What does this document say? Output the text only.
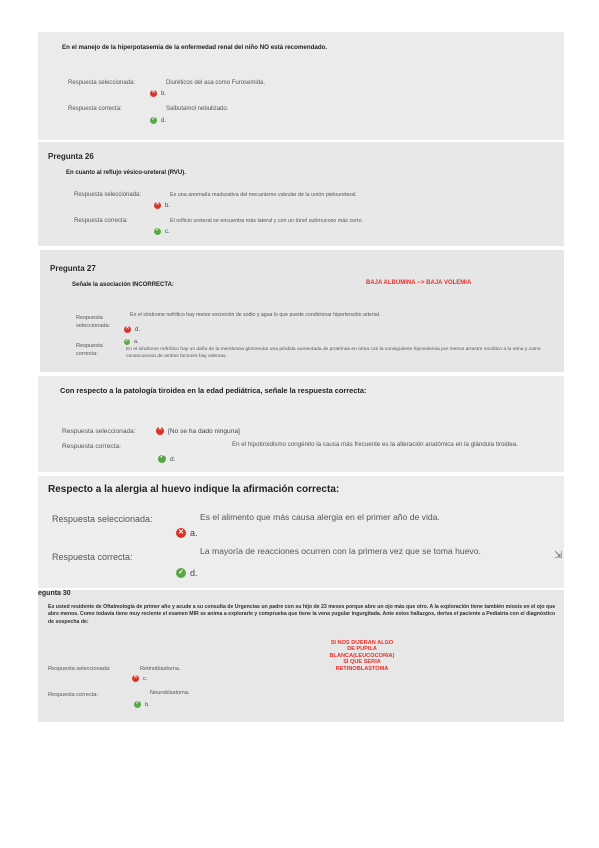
En el manejo de la hiperpotasemia de la enfermedad renal del niño NO está recomendado.
Respuesta seleccionada:	Diuréticos del asa como Furosemida.
✕ b.
Respuesta correcta:	Salbutamol nebulizado.
✓ d.
Pregunta 26
En cuanto al reflujo vésico-ureteral (RVU).
Respuesta seleccionada:	Es una anomalía madurativa del mecanismo valvular de la unión pieloureteral.
✕ b.
Respuesta correcta:	El orificio ureteral se encuentra más lateral y con un túnel submucoso más corto.
✓ c.
Pregunta 27
Señale la asociación INCORRECTA:	BAJA ALBUMINA --> BAJA VOLEMIA
Respuesta
seleccionada:
En el síndrome nefrítico hay menor excreción de sodio y agua lo que puede condicionar hipertensión arterial.
✕ d.
Respuesta
correcta:
✓ a.
En el síndrome nefrótico hay un daño de la membrana glomerular una pérdida aumentada de proteínas en orina con la consiguiente hipovolemia por menos arrastre oncótico a la orina y como consecuencia de ambos factores hay edemas.
Con respecto a la patología tiroidea en la edad pediátrica, señale la respuesta correcta:
Respuesta seleccionada:	✕ [No se ha dado ninguna]
Respuesta correcta:	En el hipotiroidismo congénito la causa más frecuente es la alteración anatómica en la glándula tiroidea.
✓ d.
Respecto a la alergia al huevo indique la afirmación correcta:
Respuesta seleccionada:	Es el alimento que más causa alergia en el primer año de vida.
✕ a.
Respuesta correcta:
La mayoría de reacciones ocurren con la primera vez que se toma huevo.
✓ d.
⇲
egunta 30
Es usted residente de Oftalmología de primer año y acude a su consulta de Urgencias un padre con su hijo de 23 meses porque abre un ojo más que otro. A la exploración tiene también miosis en el ojo que abre menos. Como todavía tiene muy reciente el examen MIR se anima a explorarle y comprueba que tiene la vena yugular ingurgitada. Ante estos hallazgos, deriva el paciente a Pediatría con el diagnóstico de sospecha de:
SI NOS DIJERAN ALGO
DE PUPILA
BLANCA(LEUCOCORIA)
SI QUE SERIA
RETINOBLASTOMA
Respuesta seleccionada:	Retinoblastoma.
✕ c.
Respuesta correcta:	Neuroblastoma.
✓ b.
